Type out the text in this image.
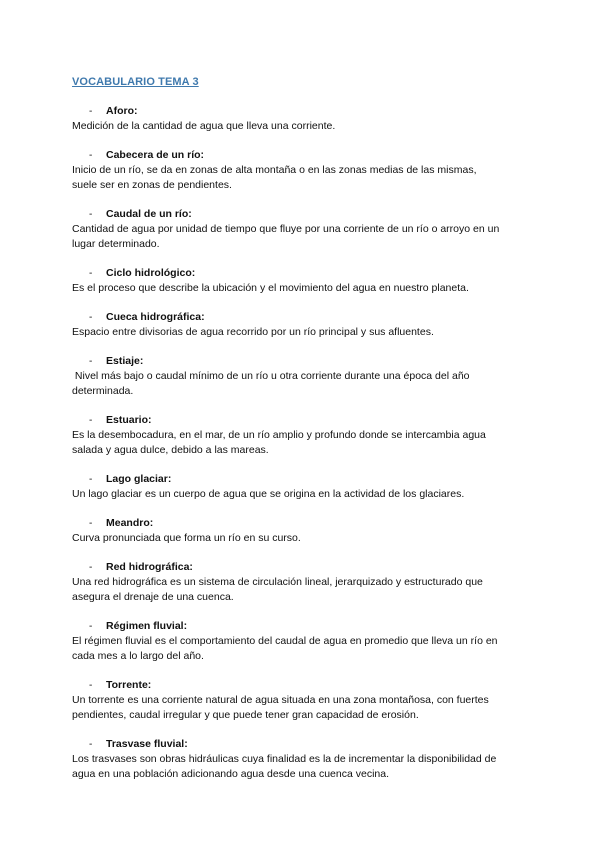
VOCABULARIO TEMA 3
-	Aforo:
Medición de la cantidad de agua que lleva una corriente.
-	Cabecera de un río:
Inicio de un río, se da en zonas de alta montaña o en las zonas medias de las mismas,
suele ser en zonas de pendientes.
-	Caudal de un río:
Cantidad de agua por unidad de tiempo que fluye por una corriente de un río o arroyo en un
lugar determinado.
-	Ciclo hidrológico:
Es el proceso que describe la ubicación y el movimiento del agua en nuestro planeta.
-	Cueca hidrográfica:
Espacio entre divisorias de agua recorrido por un río principal y sus afluentes.
-	Estiaje:
Nivel más bajo o caudal mínimo de un río u otra corriente durante una época del año
determinada.
-	Estuario:
Es la desembocadura, en el mar, de un río amplio y profundo donde se intercambia agua
salada y agua dulce, debido a las mareas.
-	Lago glaciar:
Un lago glaciar es un cuerpo de agua que se origina en la actividad de los glaciares.
-	Meandro:
Curva pronunciada que forma un río en su curso.
-	Red hidrográfica:
Una red hidrográfica es un sistema de circulación lineal, jerarquizado y estructurado que
asegura el drenaje de una cuenca.
-	Régimen fluvial:
El régimen fluvial es el comportamiento del caudal de agua en promedio que lleva un río en
cada mes a lo largo del año.
-	Torrente:
Un torrente es una corriente natural de agua situada en una zona montañosa, con fuertes
pendientes, caudal irregular y que puede tener gran capacidad de erosión.
-	Trasvase fluvial:
Los trasvases son obras hidráulicas cuya finalidad es la de incrementar la disponibilidad de
agua en una población adicionando agua desde una cuenca vecina.
